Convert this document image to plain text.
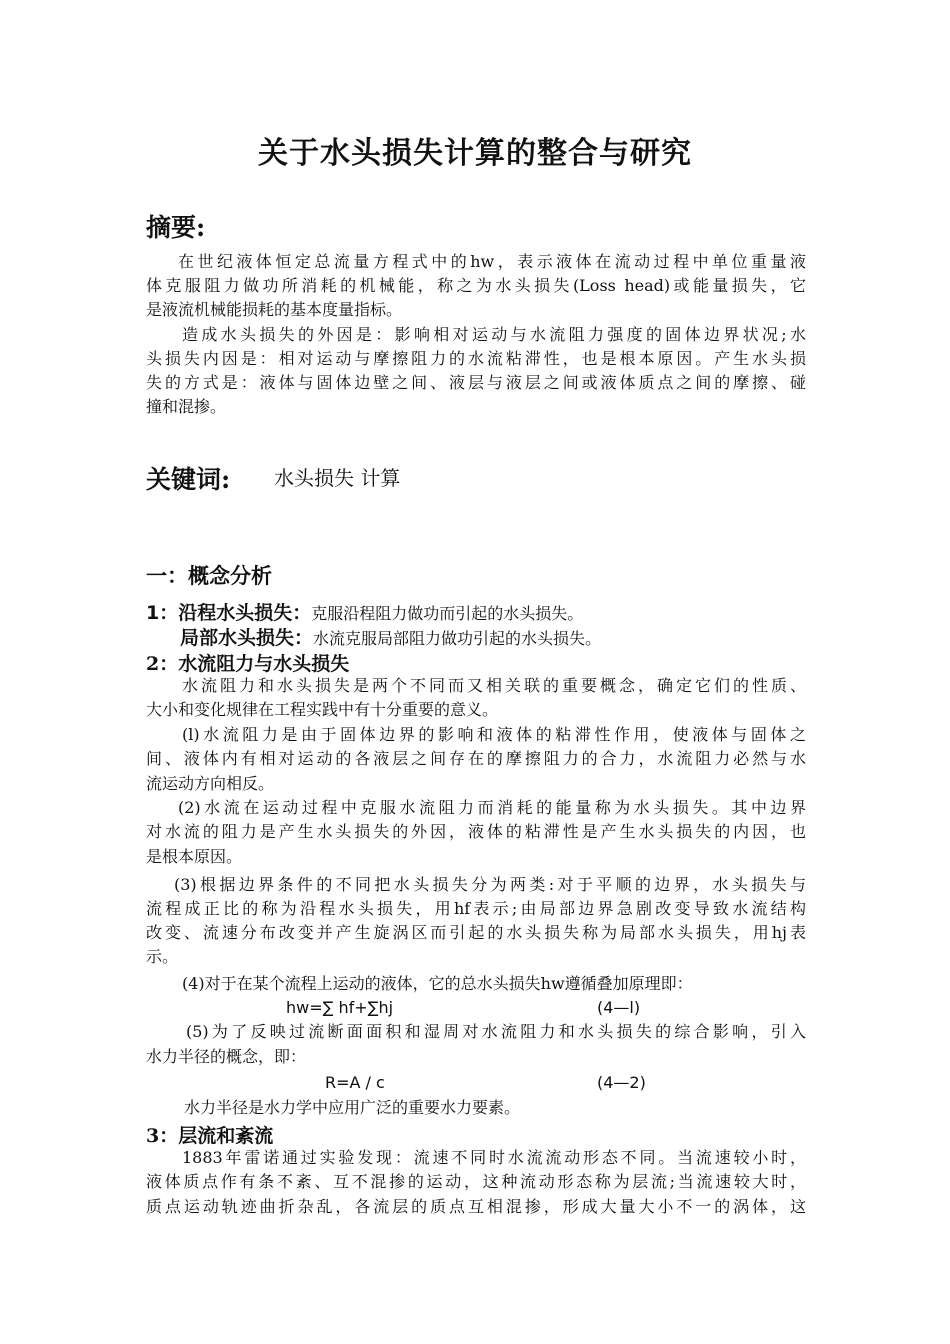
关于水头损失计算的整合与研究
摘要:
在世纪液体恒定总流量方程式中的hw，表示液体在流动过程中单位重量液
体克服阻力做功所消耗的机械能，称之为水头损失(Loss head)或能量损失，它
是液流机械能损耗的基本度量指标。
造成水头损失的外因是：影响相对运动与水流阻力强度的固体边界状况;水
头损失内因是：相对运动与摩擦阻力的水流粘滞性，也是根本原因。产生水头损
失的方式是：液体与固体边壁之间、液层与液层之间或液体质点之间的摩擦、碰
撞和混掺。
关键词: 水头损失 计算
一：概念分析
1：沿程水头损失：克服沿程阻力做功而引起的水头损失。
局部水头损失：水流克服局部阻力做功引起的水头损失。
2：水流阻力与水头损失
水流阻力和水头损失是两个不同而又相关联的重要概念，确定它们的性质、
大小和变化规律在工程实践中有十分重要的意义。
(l)水流阻力是由于固体边界的影响和液体的粘滞性作用，使液体与固体之
间、液体内有相对运动的各液层之间存在的摩擦阻力的合力，水流阻力必然与水
流运动方向相反。
(2)水流在运动过程中克服水流阻力而消耗的能量称为水头损失。其中边界
对水流的阻力是产生水头损失的外因，液体的粘滞性是产生水头损失的内因，也
是根本原因。
(3)根据边界条件的不同把水头损失分为两类:对于平顺的边界，水头损失与
流程成正比的称为沿程水头损失，用hf表示;由局部边界急剧改变导致水流结构
改变、流速分布改变并产生旋涡区而引起的水头损失称为局部水头损失，用hj表
示。
(4)对于在某个流程上运动的液体，它的总水头损失hw遵循叠加原理即：
hw=∑ hf+∑hj	(4—l)
(5)为了反映过流断面面积和湿周对水流阻力和水头损失的综合影响，引入
水力半径的概念，即：
R=A / c	(4—2)
水力半径是水力学中应用广泛的重要水力要素。
3：层流和紊流
1883年雷诺通过实验发现：流速不同时水流流动形态不同。当流速较小时，
液体质点作有条不紊、互不混掺的运动，这种流动形态称为层流;当流速较大时，
质点运动轨迹曲折杂乱，各流层的质点互相混掺，形成大量大小不一的涡体，这
